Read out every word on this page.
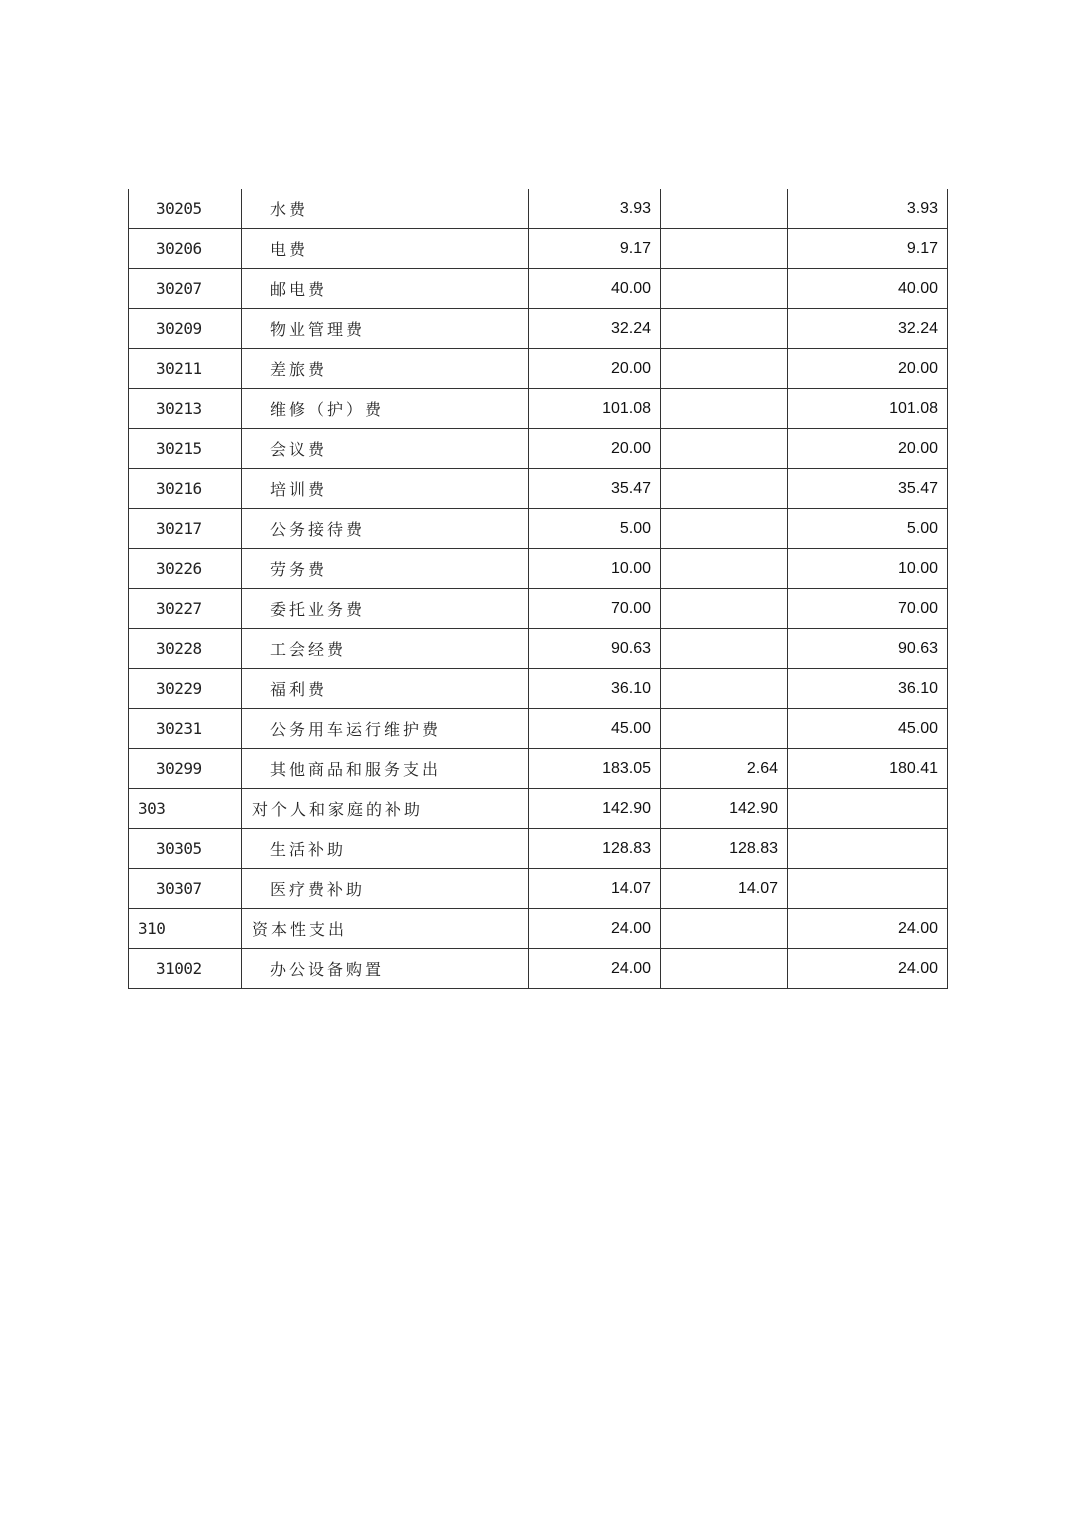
30205	水费	3.93		3.93
30206	电费	9.17		9.17
30207	邮电费	40.00		40.00
30209	物业管理费	32.24		32.24
30211	差旅费	20.00		20.00
30213	维修（护）费	101.08		101.08
30215	会议费	20.00		20.00
30216	培训费	35.47		35.47
30217	公务接待费	5.00		5.00
30226	劳务费	10.00		10.00
30227	委托业务费	70.00		70.00
30228	工会经费	90.63		90.63
30229	福利费	36.10		36.10
30231	公务用车运行维护费	45.00		45.00
30299	其他商品和服务支出	183.05	2.64	180.41
303	对个人和家庭的补助	142.90	142.90	
30305	生活补助	128.83	128.83	
30307	医疗费补助	14.07	14.07	
310	资本性支出	24.00		24.00
31002	办公设备购置	24.00		24.00
